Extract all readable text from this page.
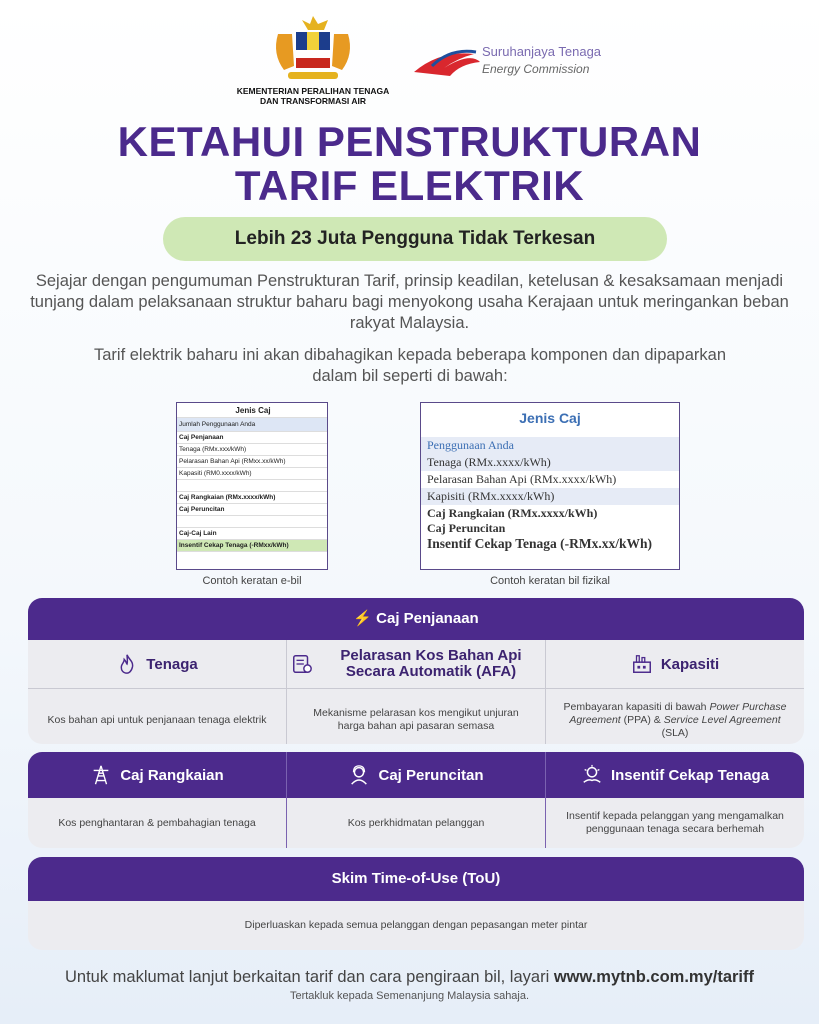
KEMENTERIAN PERALIHAN TENAGA DAN TRANSFORMASI AIR
Suruhanjaya Tenaga
Energy Commission
KETAHUI PENSTRUKTURAN TARIF ELEKTRIK
Lebih 23 Juta Pengguna Tidak Terkesan
Sejajar dengan pengumuman Penstrukturan Tarif, prinsip keadilan, ketelusan & kesaksamaan menjadi tunjang dalam pelaksanaan struktur baharu bagi menyokong usaha Kerajaan untuk meringankan beban rakyat Malaysia.
Tarif elektrik baharu ini akan dibahagikan kepada beberapa komponen dan dipaparkan dalam bil seperti di bawah:
Jenis Caj
Jumlah Penggunaan Anda
Caj Penjanaan
Tenaga (RMx.xxx/kWh)
Pelarasan Bahan Api (RMxx.xx/kWh)
Kapasiti (RM0.xxxx/kWh)
Caj Rangkaian (RMx.xxxx/kWh)
Caj Peruncitan
Caj-Caj Lain
Insentif Cekap Tenaga (-RMxx/kWh)
Contoh keratan e-bil
Jenis Caj
Penggunaan Anda
Tenaga (RMx.xxxx/kWh)
Pelarasan Bahan Api (RMx.xxxx/kWh)
Kapisiti (RMx.xxxx/kWh)
Caj Rangkaian (RMx.xxxx/kWh)
Caj Peruncitan
Insentif Cekap Tenaga (-RMx.xx/kWh)
Contoh keratan bil fizikal
⚡ Caj Penjanaan
Tenaga
Kos bahan api untuk penjanaan tenaga elektrik
Pelarasan Kos Bahan Api Secara Automatik (AFA)
Mekanisme pelarasan kos mengikut unjuran harga bahan api pasaran semasa
Kapasiti
Pembayaran kapasiti di bawah Power Purchase Agreement (PPA) & Service Level Agreement (SLA)
Caj Rangkaian
Kos penghantaran & pembahagian tenaga
Caj Peruncitan
Kos perkhidmatan pelanggan
Insentif Cekap Tenaga
Insentif kepada pelanggan yang mengamalkan penggunaan tenaga secara berhemah
Skim Time-of-Use (ToU)
Diperluaskan kepada semua pelanggan dengan pepasangan meter pintar
Untuk maklumat lanjut berkaitan tarif dan cara pengiraan bil, layari www.mytnb.com.my/tariff
Tertakluk kepada Semenanjung Malaysia sahaja.
